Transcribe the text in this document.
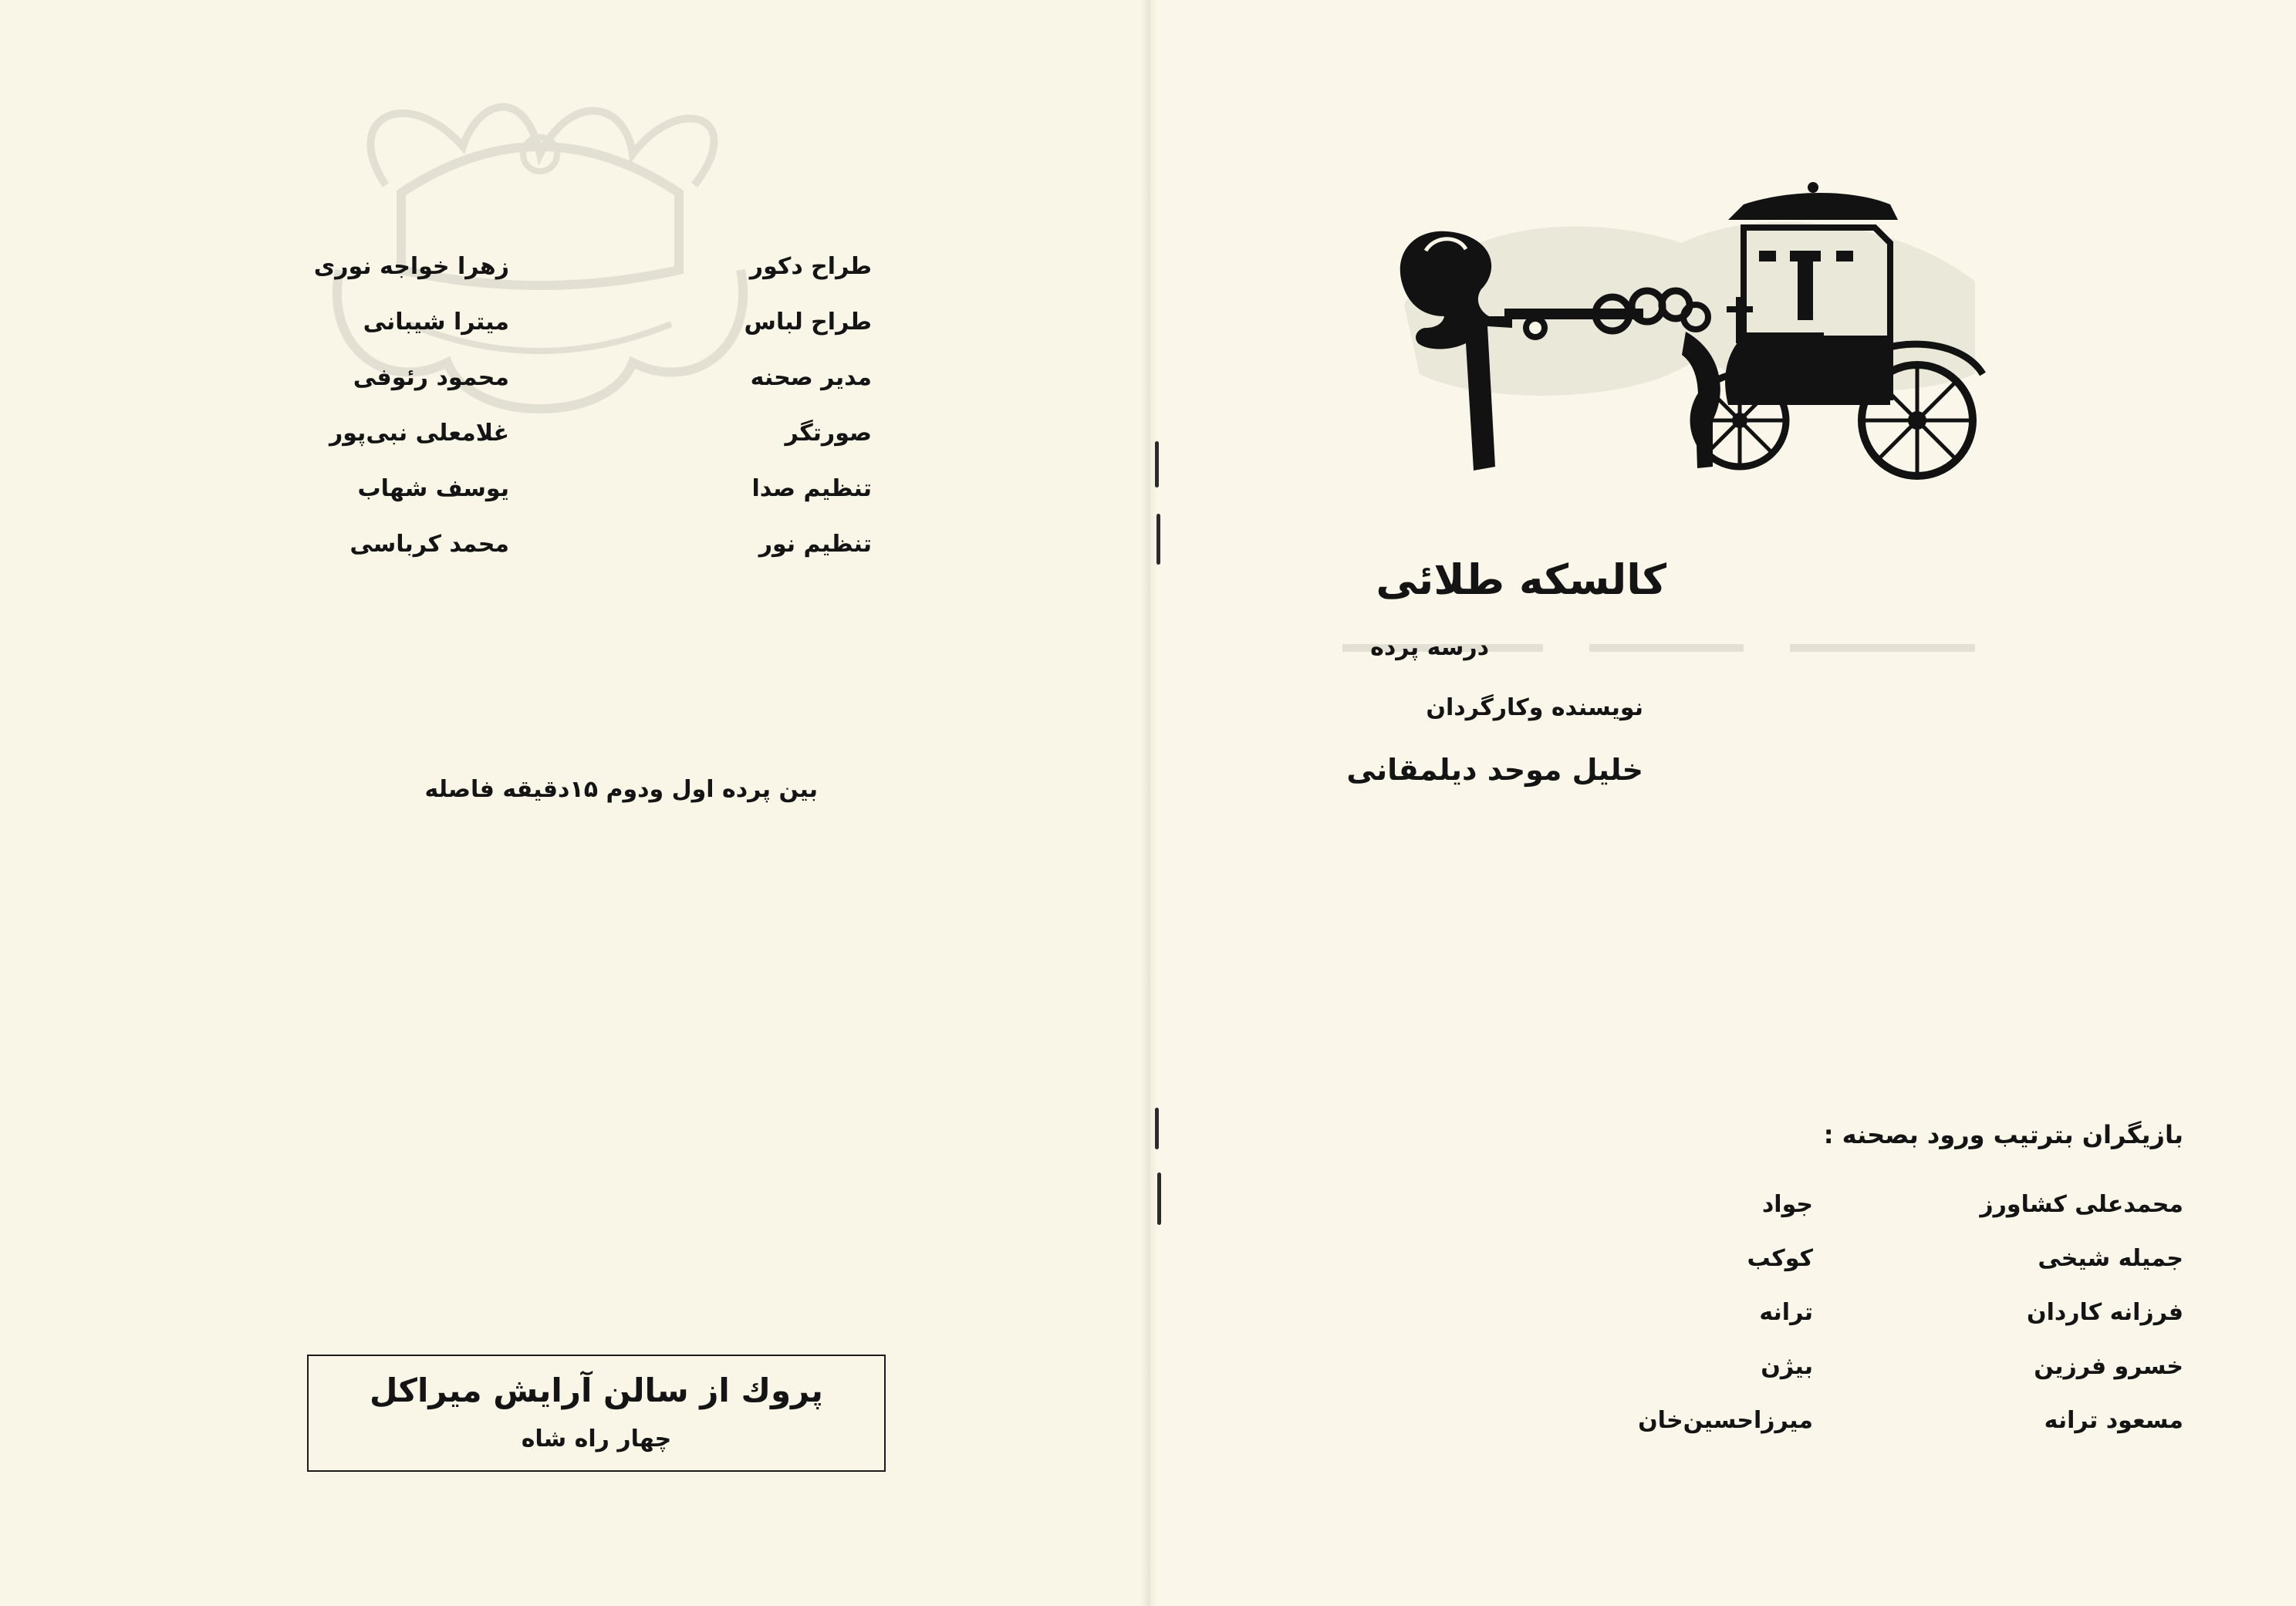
طراح دکور
زهرا خواجه نوری
طراح لباس
میترا شیبانی
مدیر صحنه
محمود رئوفی
صورتگر
غلامعلی نبی‌پور
تنظیم صدا
یوسف شهاب
تنظیم نور
محمد کرباسی
بین پرده اول ودوم ۱۵دقیقه فاصله
پروك از سالن آرایش میراکل
چهار راه شاه
کالسکه طلائی
درسه پرده
نویسنده وکارگردان
خلیل موحد دیلمقانی
بازیگران بترتیب ورود بصحنه :
محمدعلی کشاورز
جواد
جمیله شیخی
کوکب
فرزانه کاردان
ترانه
خسرو فرزین
بیژن
مسعود ترانه
میرزاحسین‌خان
